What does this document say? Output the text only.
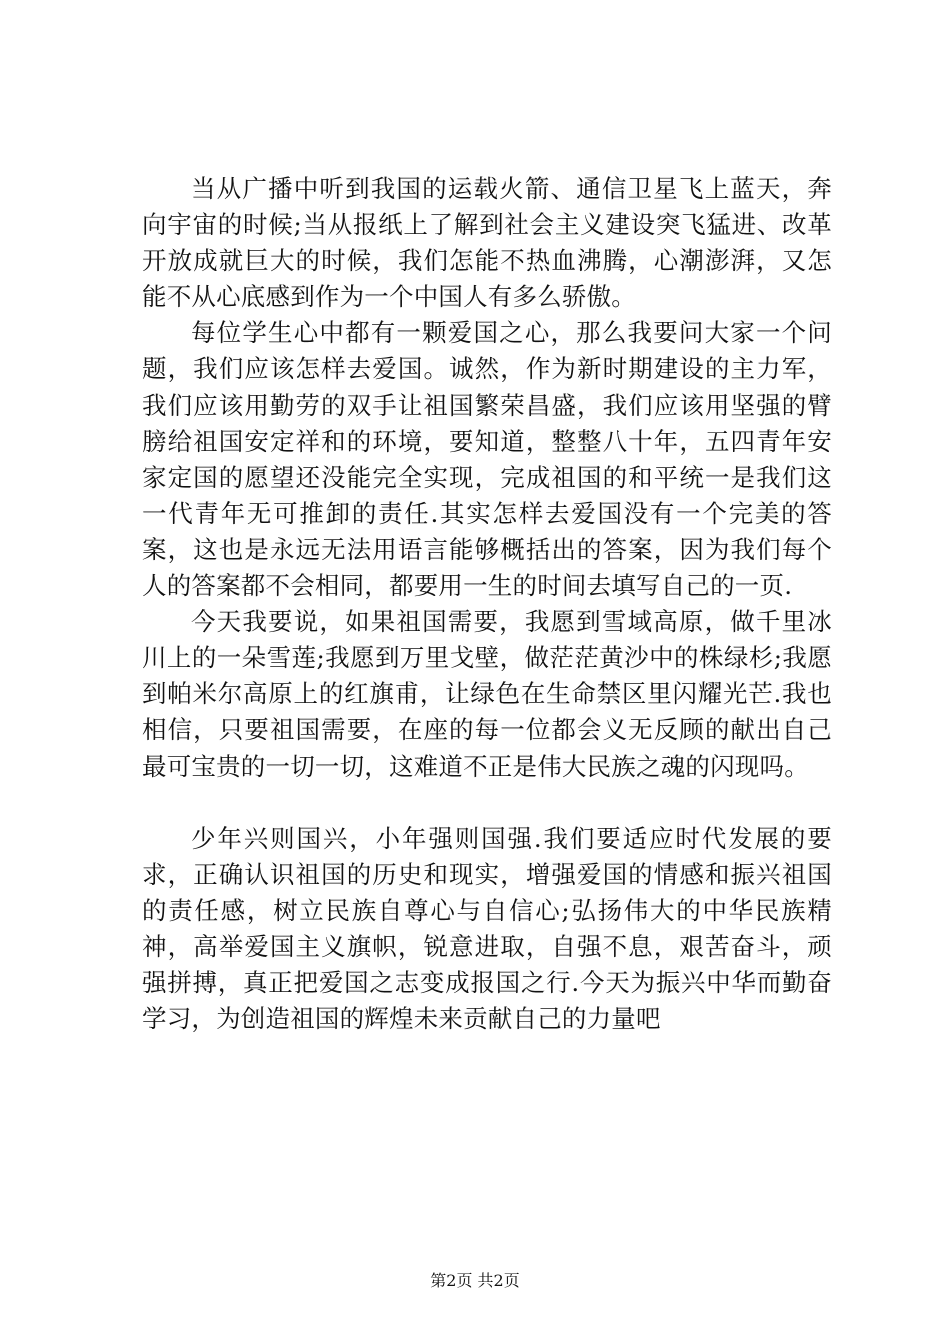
当从广播中听到我国的运载火箭、通信卫星飞上蓝天，奔向宇宙的时候;当从报纸上了解到社会主义建设突飞猛进、改革开放成就巨大的时候，我们怎能不热血沸腾，心潮澎湃，又怎能不从心底感到作为一个中国人有多么骄傲。

每位学生心中都有一颗爱国之心，那么我要问大家一个问题，我们应该怎样去爱国。诚然，作为新时期建设的主力军，我们应该用勤劳的双手让祖国繁荣昌盛，我们应该用坚强的臂膀给祖国安定祥和的环境，要知道，整整八十年，五四青年安家定国的愿望还没能完全实现，完成祖国的和平统一是我们这一代青年无可推卸的责任.其实怎样去爱国没有一个完美的答案，这也是永远无法用语言能够概括出的答案，因为我们每个人的答案都不会相同，都要用一生的时间去填写自己的一页.

今天我要说，如果祖国需要，我愿到雪域高原，做千里冰川上的一朵雪莲;我愿到万里戈壁，做茫茫黄沙中的株绿杉;我愿到帕米尔高原上的红旗甫，让绿色在生命禁区里闪耀光芒.我也相信，只要祖国需要，在座的每一位都会义无反顾的献出自己最可宝贵的一切一切，这难道不正是伟大民族之魂的闪现吗。

少年兴则国兴，小年强则国强.我们要适应时代发展的要求，正确认识祖国的历史和现实，增强爱国的情感和振兴祖国的责任感，树立民族自尊心与自信心;弘扬伟大的中华民族精神，高举爱国主义旗帜，锐意进取，自强不息，艰苦奋斗，顽强拼搏，真正把爱国之志变成报国之行.今天为振兴中华而勤奋学习，为创造祖国的辉煌未来贡献自己的力量吧

第2页 共2页
